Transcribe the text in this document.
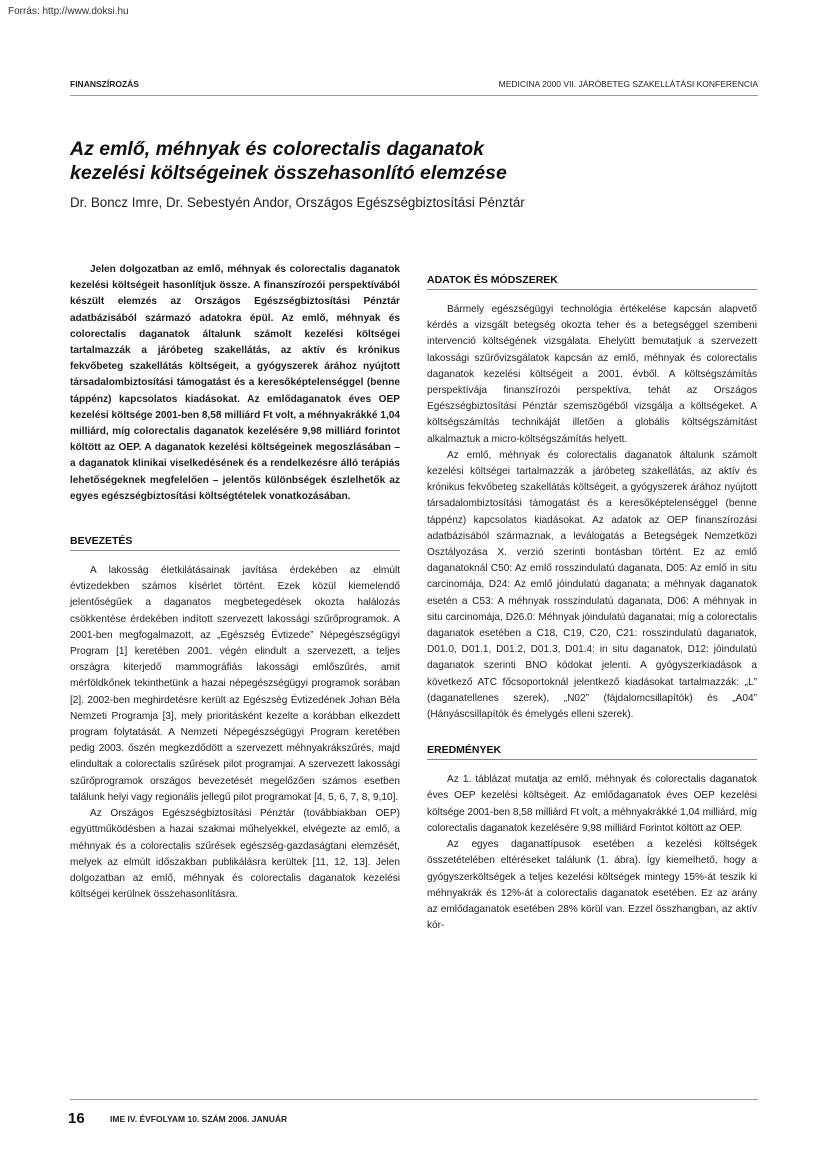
Forrás: http://www.doksi.hu
FINANSZÍROZÁS	MEDICINA 2000 VII. JÁRÓBETEG SZAKELLÁTÁSI KONFERENCIA
Az emlő, méhnyak és colorectalis daganatok
kezelési költségeinek összehasonlító elemzése
Dr. Boncz Imre, Dr. Sebestyén Andor, Országos Egészségbiztosítási Pénztár

Jelen dolgozatban az emlő, méhnyak és colorectalis daganatok kezelési költségeit hasonlítjuk össze. A finanszírozói perspektívából készült elemzés az Országos Egészségbiztosítási Pénztár adatbázisából származó adatokra épül. Az emlő, méhnyak és colorectalis daganatok általunk számolt kezelési költségei tartalmazzák a járóbeteg szakellátás, az aktív és krónikus fekvőbeteg szakellátás költségeit, a gyógyszerek árához nyújtott társadalombiztosítási támogatást és a keresőképtelenséggel (benne táppénz) kapcsolatos kiadásokat. Az emlődaganatok éves OEP kezelési költsége 2001-ben 8,58 milliárd Ft volt, a méhnyakrákké 1,04 milliárd, míg colorectalis daganatok kezelésére 9,98 milliárd forintot költött az OEP. A daganatok kezelési költségeinek megoszlásában – a daganatok klinikai viselkedésének és a rendelkezésre álló terápiás lehetőségeknek megfelelően – jelentős különbségek észlelhetők az egyes egészségbiztosítási költségtételek vonatkozásában.

BEVEZETÉS

A lakosság életkilátásainak javítása érdekében az elmúlt évtizedekben számos kísérlet történt. Ezek közül kiemelendő jelentőségűek a daganatos megbetegedések okozta halálozás csökkentése érdekében indított szervezett lakossági szűrőprogramok. A 2001-ben megfogalmazott, az „Egészség Évtizede” Népegészségügyi Program [1] keretében 2001. végén elindult a szervezett, a teljes országra kiterjedő mammográfiás lakossági emlőszűrés, amit mérföldkőnek tekinthetünk a hazai népegészségügyi programok sorában [2]. 2002-ben meghirdetésre került az Egészség Évtizedének Johan Béla Nemzeti Programja [3], mely prioritásként kezelte a korábban elkezdett program folytatását. A Nemzeti Népegészségügyi Program keretében pedig 2003. őszén megkezdődött a szervezett méhnyakrákszűrés, majd elindultak a colorectalis szűrések pilot programjai. A szervezett lakossági szűrőprogramok országos bevezetését megelőzően számos esetben találunk helyi vagy regionális jellegű pilot programokat [4, 5, 6, 7, 8, 9,10].

Az Országos Egészségbiztosítási Pénztár (továbbiakban OEP) együttműködésben a hazai szakmai műhelyekkel, elvégezte az emlő, a méhnyak és a colorectalis szűrések egészség-gazdaságtani elemzését, melyek az elmúlt időszakban publikálásra kerültek [11, 12, 13]. Jelen dolgozatban az emlő, méhnyak és colorectalis daganatok kezelési költségei kerülnek összehasonlításra.

ADATOK ÉS MÓDSZEREK

Bármely egészségügyi technológia értékelése kapcsán alapvető kérdés a vizsgált betegség okozta teher és a betegséggel szembeni intervenció költségének vizsgálata. Ehelyütt bemutatjuk a szervezett lakossági szűrővizsgálatok kapcsán az emlő, méhnyak és colorectalis daganatok kezelési költségeit a 2001. évből. A költségszámítás perspektívája finanszírozói perspektíva, tehát az Országos Egészségbiztosítási Pénztár szemszögéből vizsgálja a költségeket. A költségszámítás technikáját illetően a globális költségszámítást alkalmaztuk a micro-költségszámítás helyett.

Az emlő, méhnyak és colorectalis daganatok általunk számolt kezelési költségei tartalmazzák a járóbeteg szakellátás, az aktív és krónikus fekvőbeteg szakellátás költségeit, a gyógyszerek árához nyújtott társadalombiztosítási támogatást és a keresőképtelenséggel (benne táppénz) kapcsolatos kiadásokat. Az adatok az OEP finanszírozási adatbázisából származnak, a leválogatás a Betegségek Nemzetközi Osztályozása X. verzió szerinti bontásban történt. Ez az emlő daganatoknál C50: Az emlő rosszindulatú daganata, D05: Az emlő in situ carcinomája, D24: Az emlő jóindulatú daganata; a méhnyak daganatok esetén a C53: A méhnyak rosszindulatú daganata, D06: A méhnyak in situ carcinomája, D26.0: Méhnyak jóindulatú daganatai; míg a colorectalis daganatok esetében a C18, C19, C20, C21: rosszindulatú daganatok, D01.0, D01.1, D01.2, D01.3, D01.4: in situ daganatok, D12: jóindulatú daganatok szerinti BNO kódokat jelenti. A gyógyszerkiadások a következő ATC főcsoportoknál jelentkező kiadásokat tartalmazzák: „L” (daganatellenes szerek), „N02” (fájdalomcsillapítók) és „A04” (Hányáscsillapítók és émelygés elleni szerek).

EREDMÉNYEK

Az 1. táblázat mutatja az emlő, méhnyak és colorectalis daganatok éves OEP kezelési költségeit. Az emlődaganatok éves OEP kezelési költsége 2001-ben 8,58 milliárd Ft volt, a méhnyakrákké 1,04 milliárd, míg colorectalis daganatok kezelésére 9,98 milliárd Forintot költött az OEP.

Az egyes daganattípusok esetében a kezelési költségek összetételében eltéréseket találunk (1. ábra). Így kiemelhető, hogy a gyógyszerköltségek a teljes kezelési költségek mintegy 15%-át teszik ki méhnyakrák és 12%-át a colorectalis daganatok esetében. Ez az arány az emlődaganatok esetében 28% körül van. Ezzel összhangban, az aktív kór-

16	IME IV. ÉVFOLYAM 10. SZÁM 2006. JANUÁR
